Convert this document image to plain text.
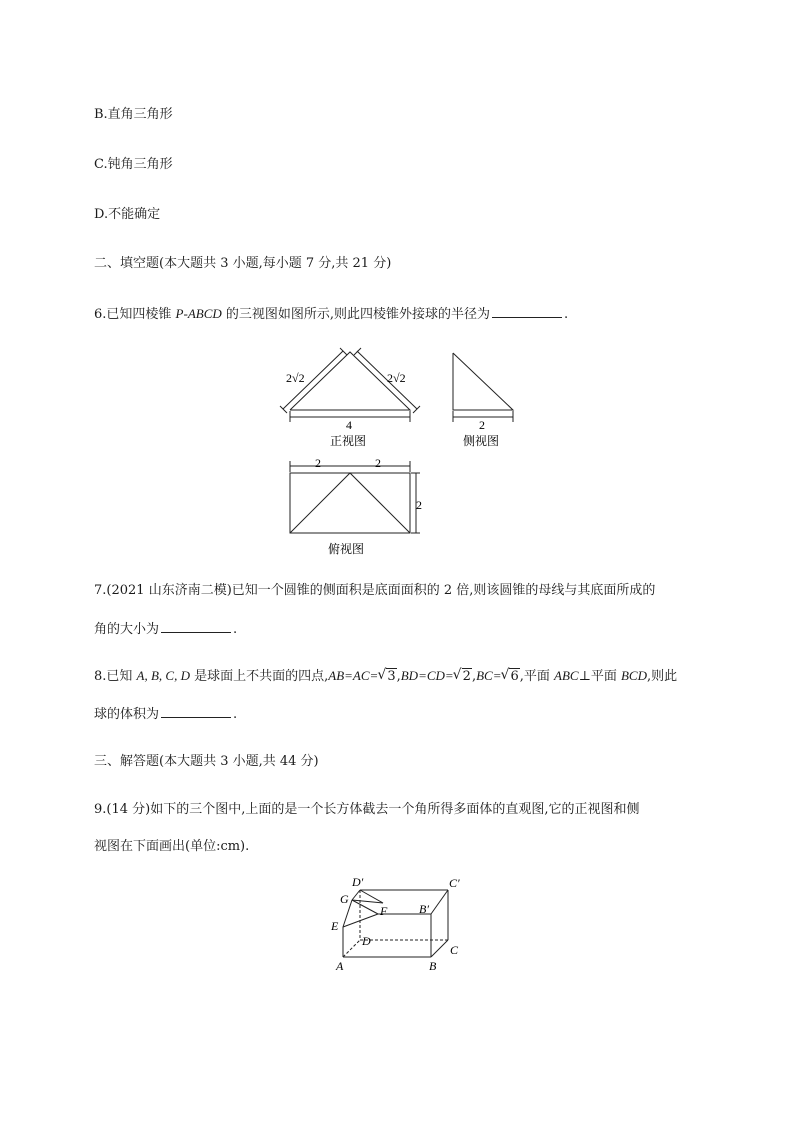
B.直角三角形
C.钝角三角形
D.不能确定
二、填空题(本大题共 3 小题,每小题 7 分,共 21 分)
6.已知四棱锥 P-ABCD 的三视图如图所示,则此四棱锥外接球的半径为	.
2√2	2√2
4
正视图
2
侧视图
2	2
2
俯视图
7.(2021 山东济南二模)已知一个圆锥的侧面积是底面面积的 2 倍,则该圆锥的母线与其底面所成的
角的大小为	.
8.已知 A, B, C, D 是球面上不共面的四点,AB=AC= √ 3,BD=CD= √ 2,BC= √ 6,平面 ABC⊥平面 BCD,则此
球的体积为	.
三、解答题(本大题共 3 小题,共 44 分)
9.(14 分)如下的三个图中,上面的是一个长方体截去一个角所得多面体的直观图,它的正视图和侧
视图在下面画出(单位:cm).
D′	C′
G
F	B′
E
D
C
A	B
